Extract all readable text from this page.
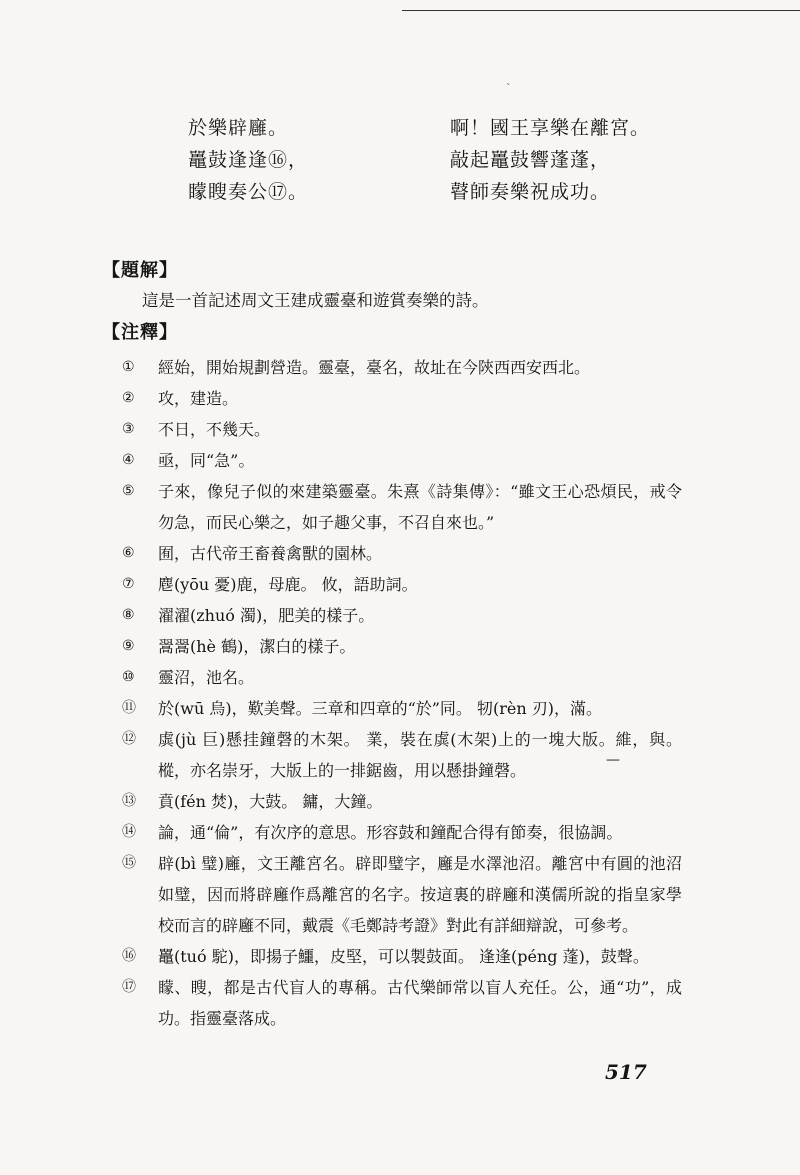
`
於樂辟廱。	啊！國王享樂在離宮。
鼉鼓逢逢⑯，	敲起鼉鼓響蓬蓬，
矇瞍奏公⑰。	瞽師奏樂祝成功。
【題解】
這是一首記述周文王建成靈臺和遊賞奏樂的詩。
【注釋】
①	經始，開始規劃營造。靈臺，臺名，故址在今陝西西安西北。
②	攻，建造。
③	不日，不幾天。
④	亟，同“急”。
⑤	子來，像兒子似的來建築靈臺。朱熹《詩集傳》：“雖文王心恐煩民，戒令勿急，而民心樂之，如子趣父事，不召自來也。”
⑥	囿，古代帝王畜養禽獸的園林。
⑦	麀(yōu 憂)鹿，母鹿。 攸，語助詞。
⑧	濯濯(zhuó 濁)，肥美的樣子。
⑨	翯翯(hè 鶴)，潔白的樣子。
⑩	靈沼，池名。
⑪	於(wū 烏)，歎美聲。三章和四章的“於”同。 牣(rèn 刃)，滿。
⑫	虡(jù 巨)懸挂鐘磬的木架。 業，裝在虡(木架)上的一塊大版。維，與。 樅，亦名崇牙，大版上的一排鋸齒，用以懸掛鐘磬。
⑬	賁(fén 焚)，大鼓。 鏞，大鐘。
⑭	論，通“倫”，有次序的意思。形容鼓和鐘配合得有節奏，很協調。
⑮	辟(bì 璧)廱，文王離宮名。辟即璧字，廱是水澤池沼。離宮中有圓的池沼如璧，因而將辟廱作爲離宮的名字。按這裏的辟廱和漢儒所說的指皇家學校而言的辟廱不同，戴震《毛鄭詩考證》對此有詳細辯說，可參考。
⑯	鼉(tuó 駝)，即揚子鱷，皮堅，可以製鼓面。 逢逢(péng 蓬)，鼓聲。
⑰	矇、瞍，都是古代盲人的專稱。古代樂師常以盲人充任。公，通“功”，成功。指靈臺落成。
—
517
